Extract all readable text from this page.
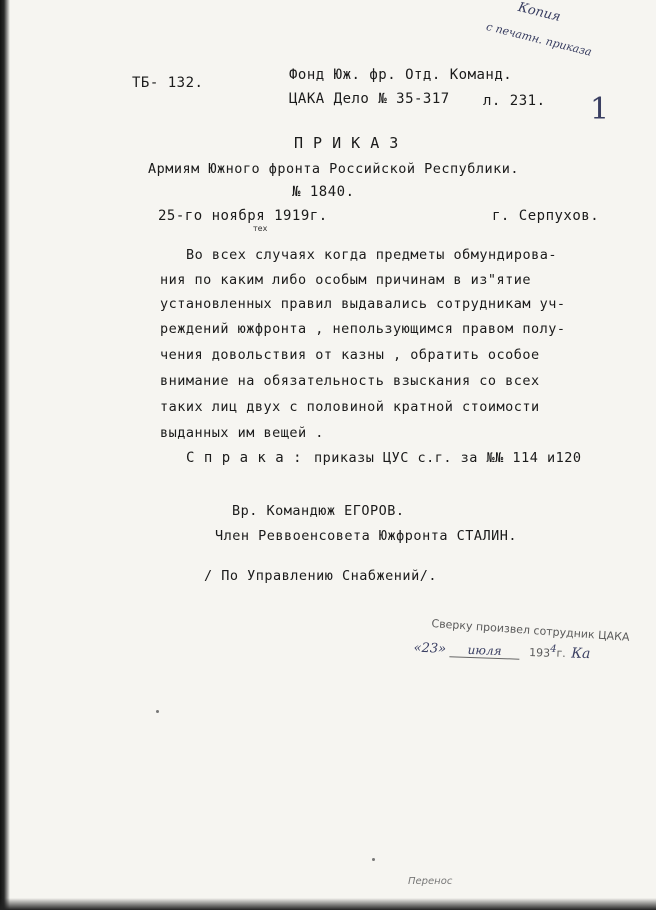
Копия
с печатн. приказа
1
ТБ- 132.	Фонд Юж. фр. Отд. Команд.
ЦАКА Дело № 35-317 л. 231.
П Р И К А З
Армиям Южного фронта Российской Республики.
№ 1840.
25-го ноября 1919г.	г. Серпухов.
тех
Во всех случаях когда предметы обмундирова-
ния по каким либо особым причинам в из"ятие
установленных правил выдавались сотрудникам уч-
реждений южфронта , непользующимся правом полу-
чения довольствия от казны , обратить особое
внимание на обязательность взыскания со всех
таких лиц двух с половиной кратной стоимости
выданных им вещей .
С п р а к а : приказы ЦУС с.г. за №№ 114 и120
Вр. Командюж ЕГОРОВ.
Член Реввоенсовета Южфронта СТАЛИН.
/ По Управлению Снабжений/.
Сверку произвел сотрудник ЦАКА
«23» июля 1934г. Ка
Перенос
